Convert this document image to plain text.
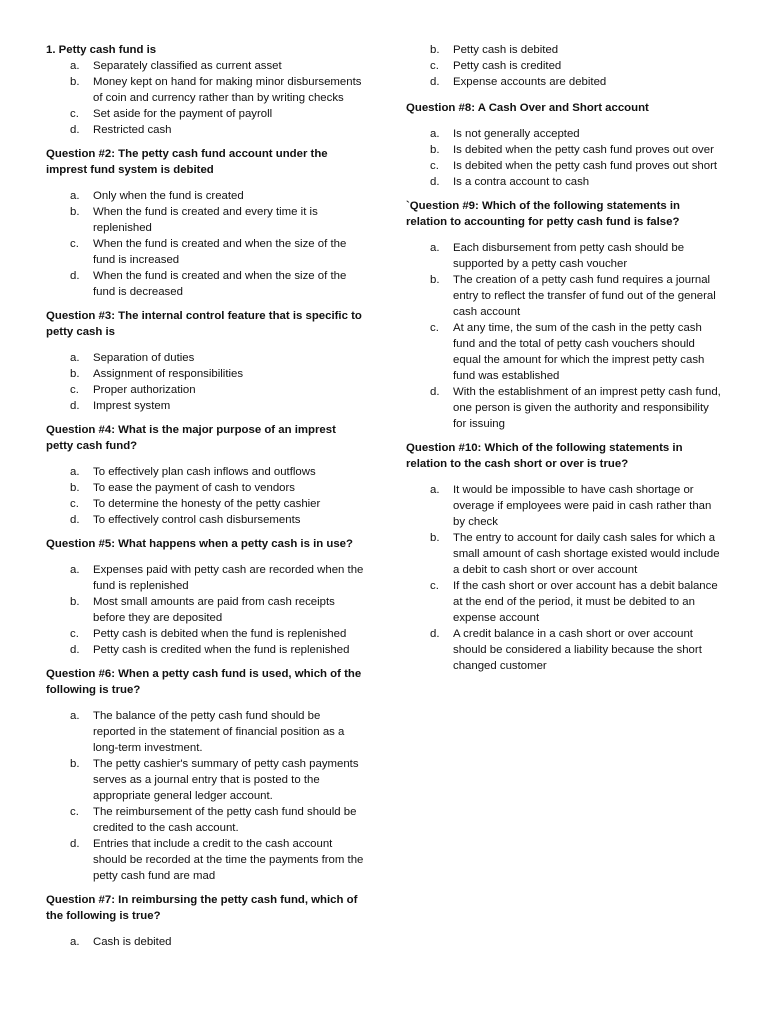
1. Petty cash fund is

a.	Separately classified as current asset
b.	Money kept on hand for making minor disbursements of coin and currency rather than by writing checks
c.	Set aside for the payment of payroll
d.	Restricted cash

Question #2: The petty cash fund account under the imprest fund system is debited

a.	Only when the fund is created
b.	When the fund is created and every time it is replenished
c.	When the fund is created and when the size of the fund is increased
d.	When the fund is created and when the size of the fund is decreased

Question #3: The internal control feature that is specific to petty cash is

a.	Separation of duties
b.	Assignment of responsibilities
c.	Proper authorization
d.	Imprest system

Question #4: What is the major purpose of an imprest petty cash fund?

a.	To effectively plan cash inflows and outflows
b.	To ease the payment of cash to vendors
c.	To determine the honesty of the petty cashier
d.	To effectively control cash disbursements

Question #5: What happens when a petty cash is in use?

a.	Expenses paid with petty cash are recorded when the fund is replenished
b.	Most small amounts are paid from cash receipts before they are deposited
c.	Petty cash is debited when the fund is replenished
d.	Petty cash is credited when the fund is replenished

Question #6: When a petty cash fund is used, which of the following is true?

a.	The balance of the petty cash fund should be reported in the statement of financial position as a long-term investment.
b.	The petty cashier's summary of petty cash payments serves as a journal entry that is posted to the appropriate general ledger account.
c.	The reimbursement of the petty cash fund should be credited to the cash account.
d.	Entries that include a credit to the cash account should be recorded at the time the payments from the petty cash fund are mad

Question #7: In reimbursing the petty cash fund, which of the following is true?

a.	Cash is debited
b.	Petty cash is debited
c.	Petty cash is credited
d.	Expense accounts are debited

Question #8: A Cash Over and Short account

a.	Is not generally accepted
b.	Is debited when the petty cash fund proves out over
c.	Is debited when the petty cash fund proves out short
d.	Is a contra account to cash

`Question #9: Which of the following statements in relation to accounting for petty cash fund is false?

a.	Each disbursement from petty cash should be supported by a petty cash voucher
b.	The creation of a petty cash fund requires a journal entry to reflect the transfer of fund out of the general cash account
c.	At any time, the sum of the cash in the petty cash fund and the total of petty cash vouchers should equal the amount for which the imprest petty cash fund was established
d.	With the establishment of an imprest petty cash fund, one person is given the authority and responsibility for issuing

Question #10: Which of the following statements in relation to the cash short or over is true?

a.	It would be impossible to have cash shortage or overage if employees were paid in cash rather than by check
b.	The entry to account for daily cash sales for which a small amount of cash shortage existed would include a debit to cash short or over account
c.	If the cash short or over account has a debit balance at the end of the period, it must be debited to an expense account
d.	A credit balance in a cash short or over account should be considered a liability because the short changed customer
